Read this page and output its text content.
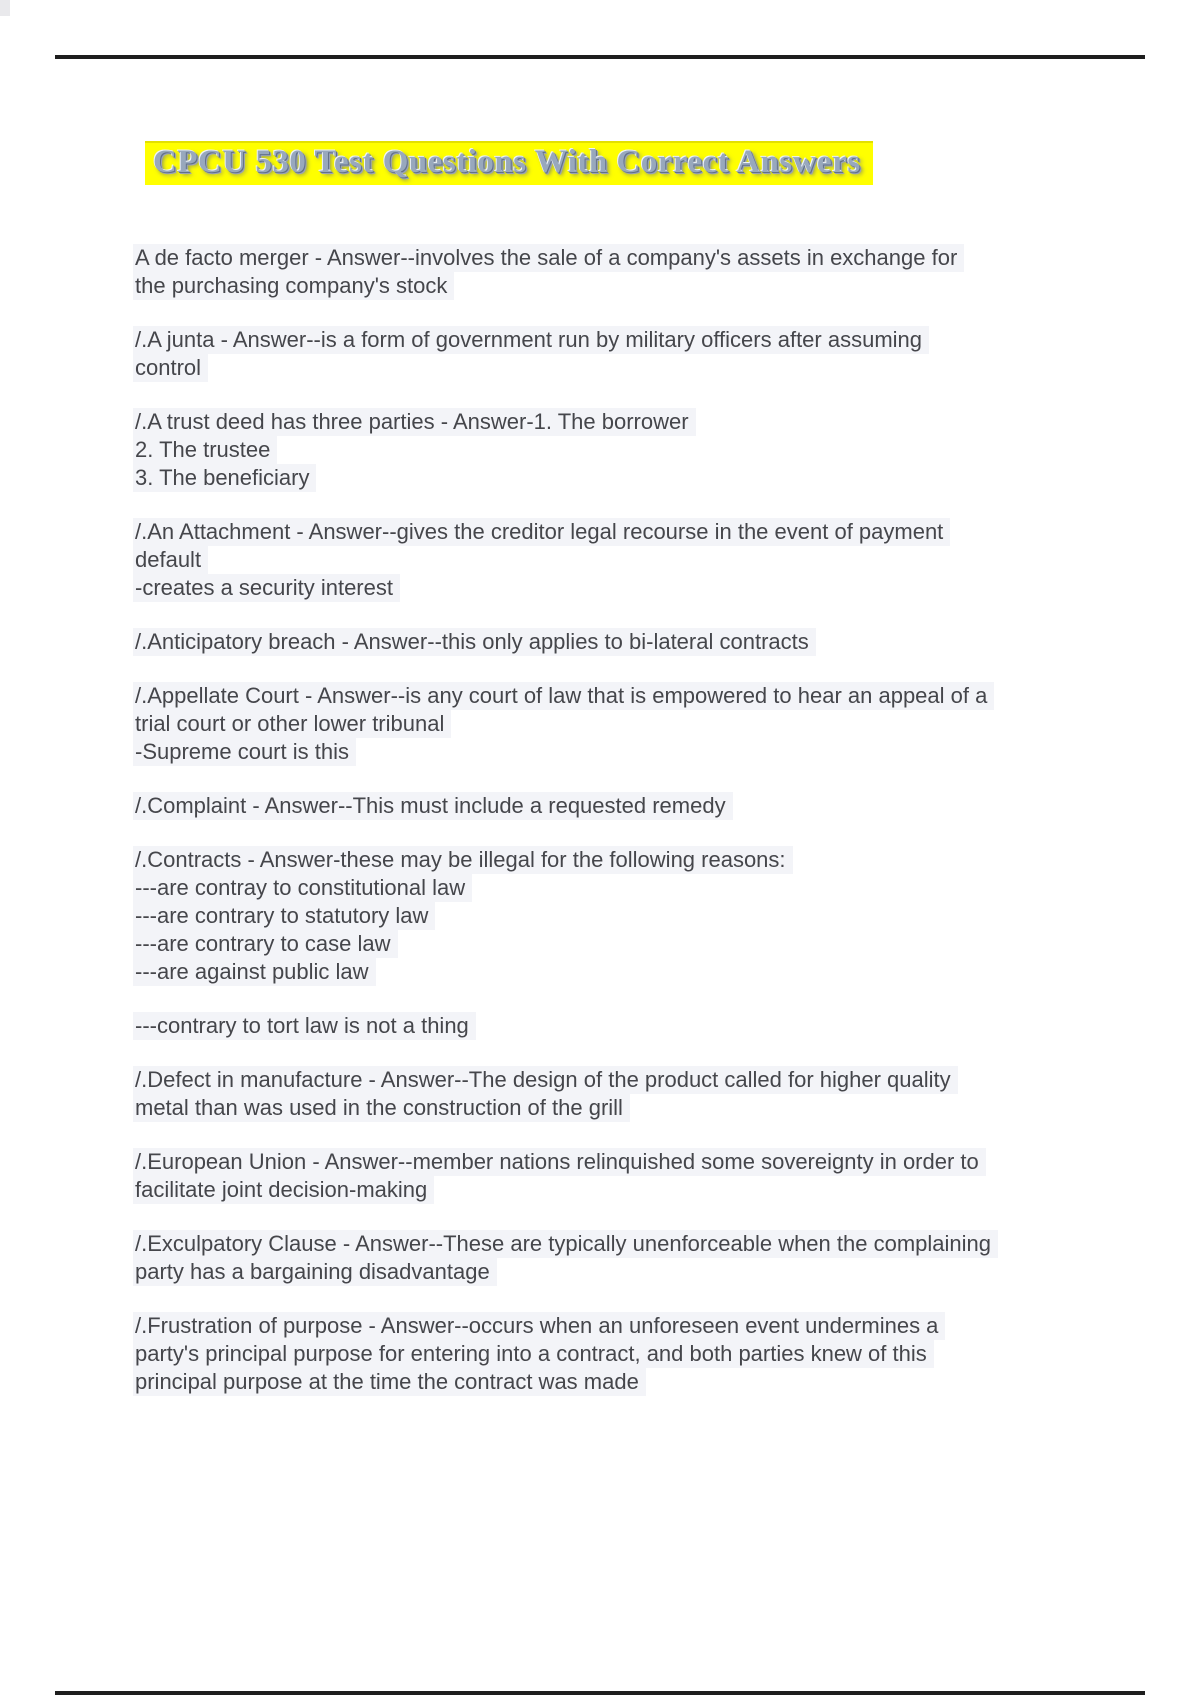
CPCU 530 Test Questions With Correct Answers
A de facto merger - Answer--involves the sale of a company's assets in exchange for
the purchasing company's stock
/.A junta - Answer--is a form of government run by military officers after assuming
control
/.A trust deed has three parties - Answer-1. The borrower
2. The trustee
3. The beneficiary
/.An Attachment - Answer--gives the creditor legal recourse in the event of payment
default
-creates a security interest
/.Anticipatory breach - Answer--this only applies to bi-lateral contracts
/.Appellate Court - Answer--is any court of law that is empowered to hear an appeal of a
trial court or other lower tribunal
-Supreme court is this
/.Complaint - Answer--This must include a requested remedy
/.Contracts - Answer-these may be illegal for the following reasons:
---are contray to constitutional law
---are contrary to statutory law
---are contrary to case law
---are against public law
---contrary to tort law is not a thing
/.Defect in manufacture - Answer--The design of the product called for higher quality
metal than was used in the construction of the grill
/.European Union - Answer--member nations relinquished some sovereignty in order to
facilitate joint decision-making
/.Exculpatory Clause - Answer--These are typically unenforceable when the complaining
party has a bargaining disadvantage
/.Frustration of purpose - Answer--occurs when an unforeseen event undermines a
party's principal purpose for entering into a contract, and both parties knew of this
principal purpose at the time the contract was made
